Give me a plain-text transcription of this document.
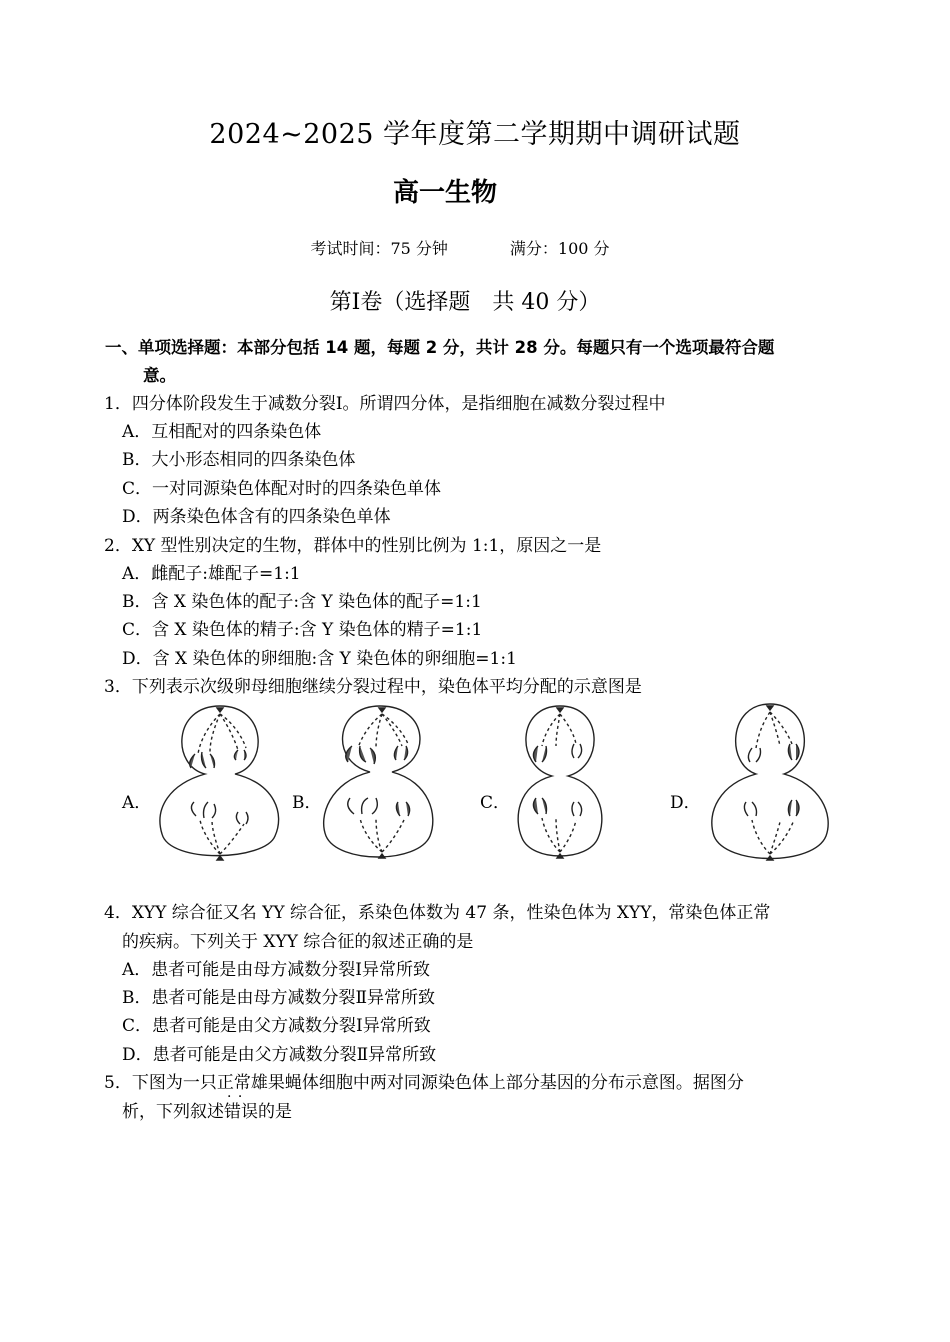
2024~2025 学年度第二学期期中调研试题
高一生物
考试时间：75 分钟	满分：100 分
第Ⅰ卷（选择题　共 40 分）
一、单项选择题：本部分包括 14 题，每题 2 分，共计 28 分。每题只有一个选项最符合题
意。
1．四分体阶段发生于减数分裂Ⅰ。所谓四分体，是指细胞在减数分裂过程中
A．互相配对的四条染色体
B．大小形态相同的四条染色体
C．一对同源染色体配对时的四条染色单体
D．两条染色体含有的四条染色单体
2．XY 型性别决定的生物，群体中的性别比例为 1:1，原因之一是
A．雌配子:雄配子=1:1
B．含 X 染色体的配子:含 Y 染色体的配子=1:1
C．含 X 染色体的精子:含 Y 染色体的精子=1:1
D．含 X 染色体的卵细胞:含 Y 染色体的卵细胞=1:1
3．下列表示次级卵母细胞继续分裂过程中，染色体平均分配的示意图是
A．	B．	C．	D．
4．XYY 综合征又名 YY 综合征，系染色体数为 47 条，性染色体为 XYY，常染色体正常
的疾病。下列关于 XYY 综合征的叙述正确的是
A．患者可能是由母方减数分裂Ⅰ异常所致
B．患者可能是由母方减数分裂Ⅱ异常所致
C．患者可能是由父方减数分裂Ⅰ异常所致
D．患者可能是由父方减数分裂Ⅱ异常所致
5．下图为一只正常雄果蝇体细胞中两对同源染色体上部分基因的分布示意图。据图分
析，下列叙述· · 错误的是
